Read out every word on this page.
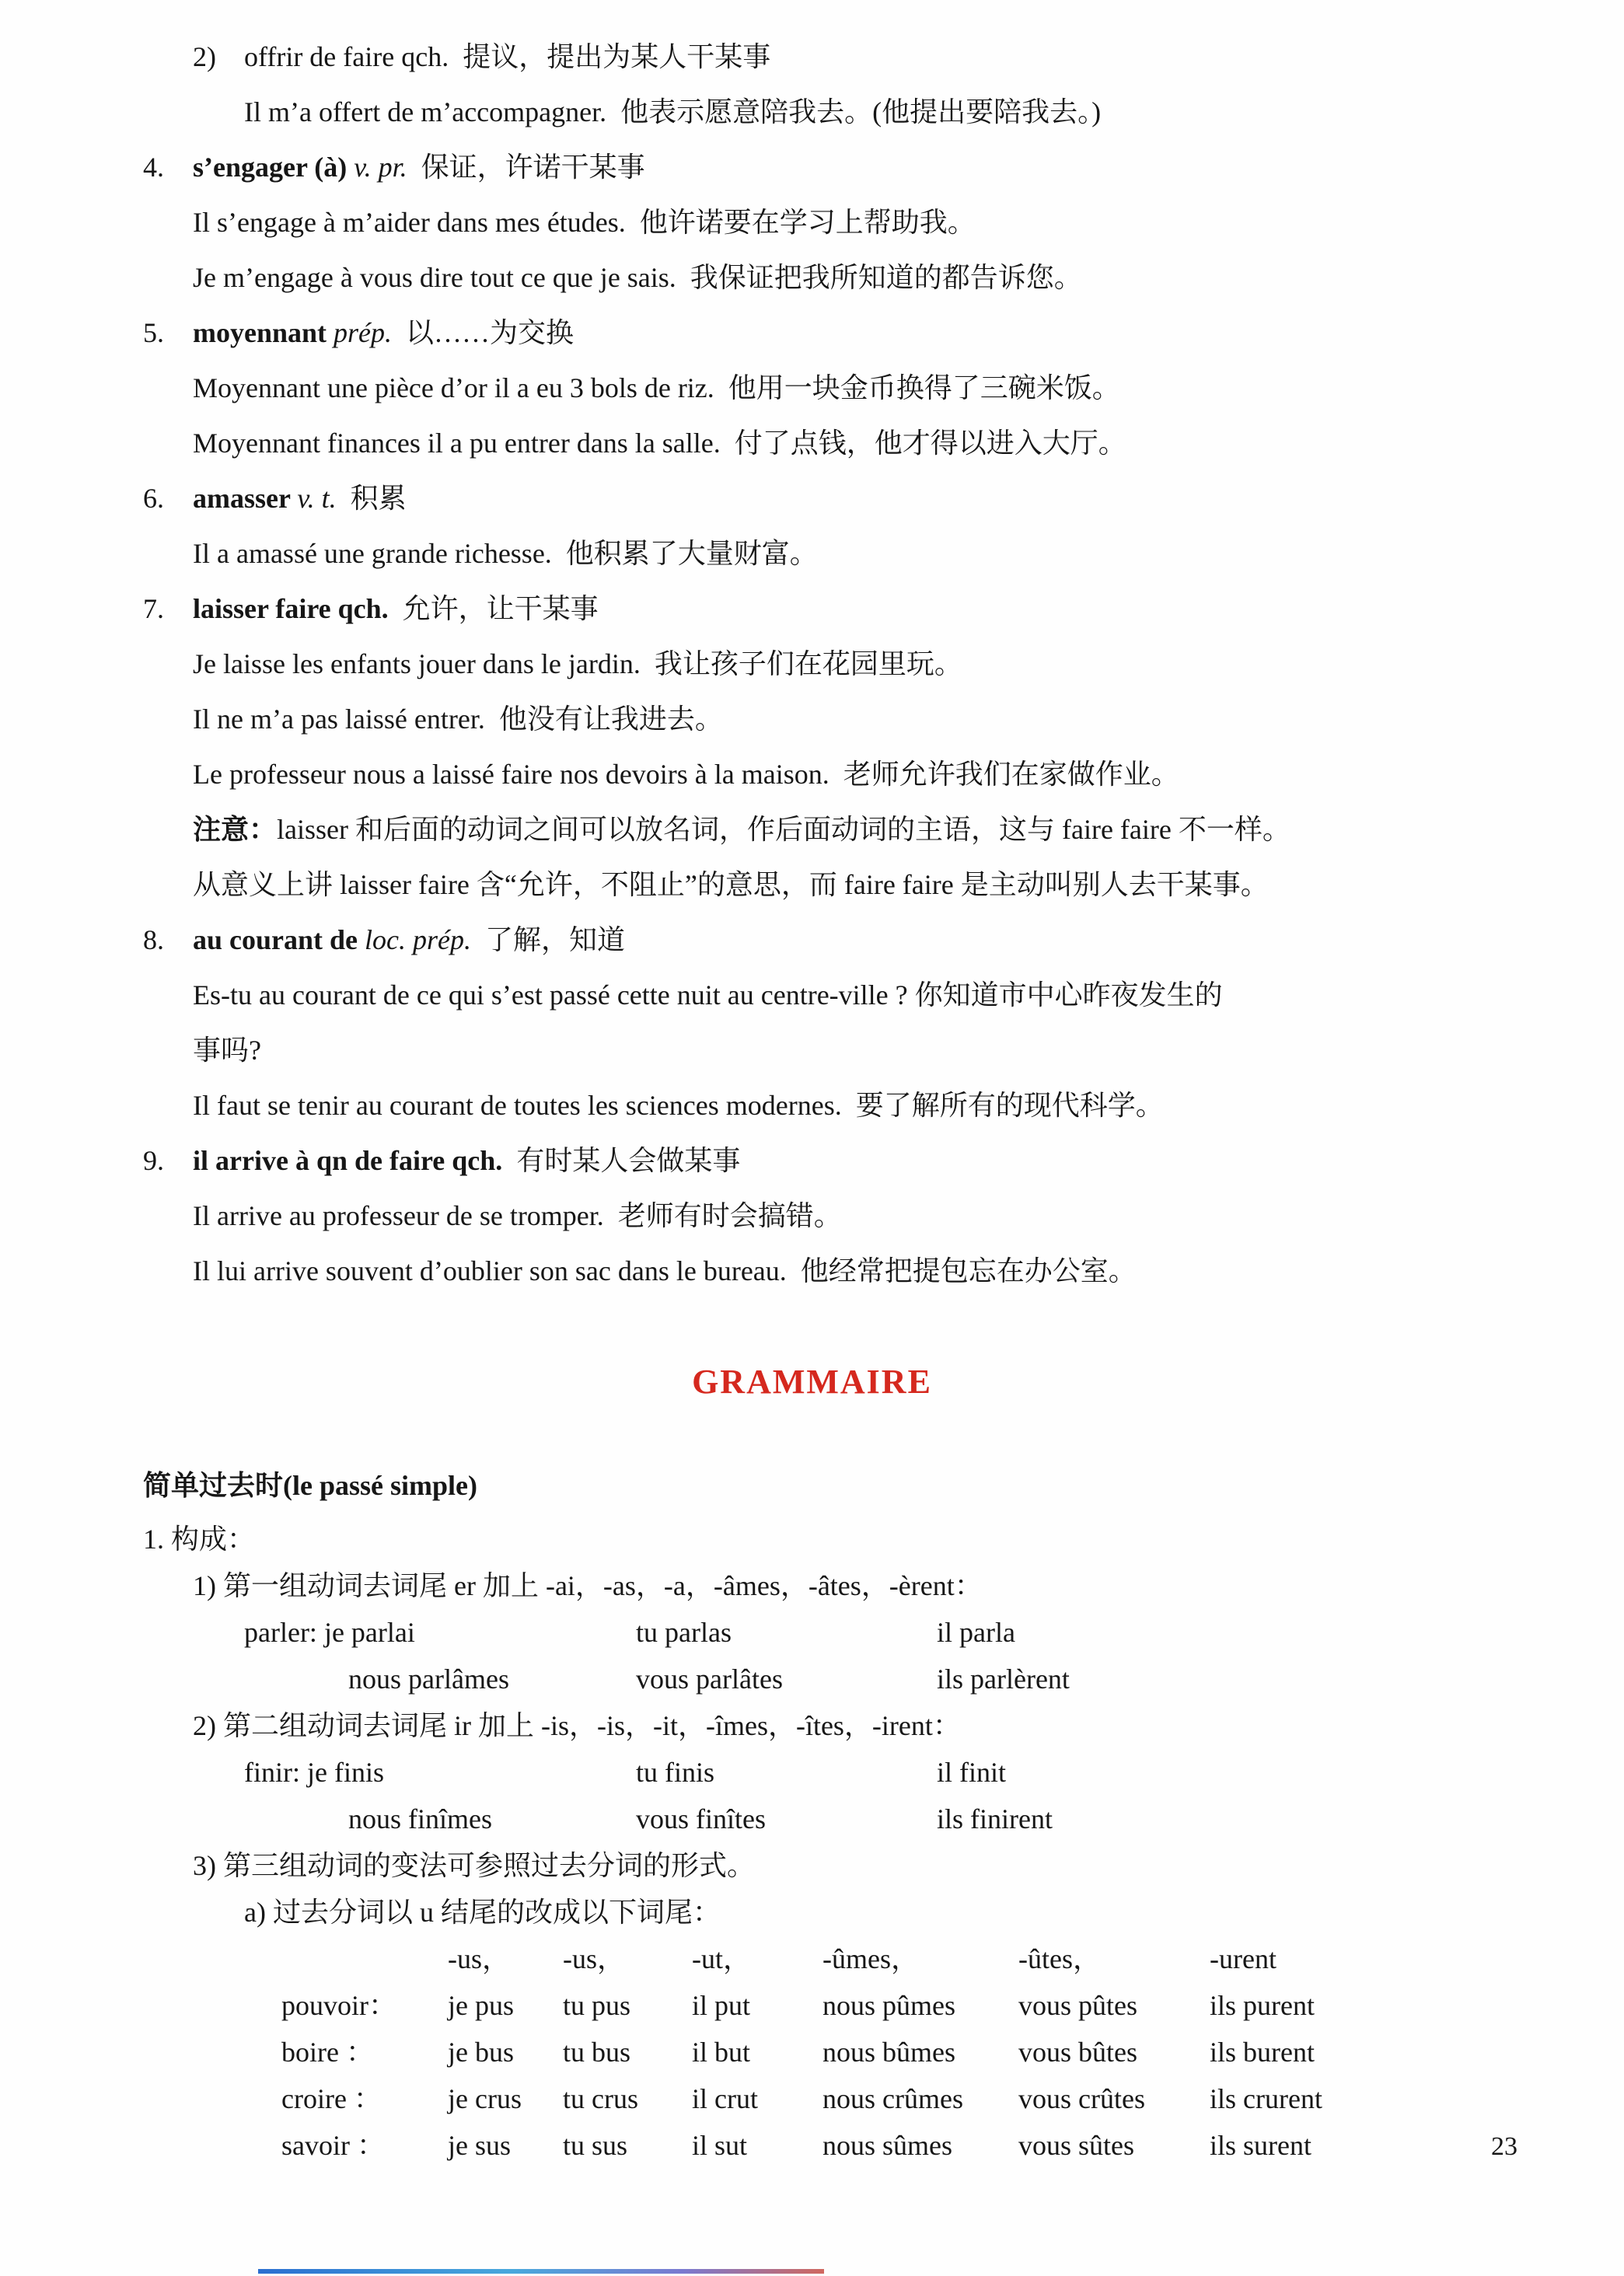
2) offrir de faire qch.  提议，提出为某人干某事
Il m’a offert de m’accompagner.  他表示愿意陪我去。(他提出要陪我去。)
4. s’engager (à) v. pr.  保证，许诺干某事
Il s’engage à m’aider dans mes études.  他许诺要在学习上帮助我。
Je m’engage à vous dire tout ce que je sais.  我保证把我所知道的都告诉您。
5. moyennant prép.  以……为交换
Moyennant une pièce d’or il a eu 3 bols de riz.  他用一块金币换得了三碗米饭。
Moyennant finances il a pu entrer dans la salle.  付了点钱，他才得以进入大厅。
6. amasser v. t.  积累
Il a amassé une grande richesse.  他积累了大量财富。
7. laisser faire qch.  允许，让干某事
Je laisse les enfants jouer dans le jardin.  我让孩子们在花园里玩。
Il ne m’a pas laissé entrer.  他没有让我进去。
Le professeur nous a laissé faire nos devoirs à la maison.  老师允许我们在家做作业。
注意：laisser 和后面的动词之间可以放名词，作后面动词的主语，这与 faire faire 不一样。
从意义上讲 laisser faire 含“允许，不阻止”的意思，而 faire faire 是主动叫别人去干某事。
8. au courant de loc. prép.  了解，知道
Es-tu au courant de ce qui s’est passé cette nuit au centre-ville ? 你知道市中心昨夜发生的
事吗?
Il faut se tenir au courant de toutes les sciences modernes.  要了解所有的现代科学。
9. il arrive à qn de faire qch.  有时某人会做某事
Il arrive au professeur de se tromper.  老师有时会搞错。
Il lui arrive souvent d’oublier son sac dans le bureau.  他经常把提包忘在办公室。
GRAMMAIRE
简单过去时(le passé simple)
1. 构成：
1) 第一组动词去词尾 er 加上 -ai，-as，-a，-âmes，-âtes，-èrent：
parler: je parlai	tu parlas	il parla
nous parlâmes	vous parlâtes	ils parlèrent
2) 第二组动词去词尾 ir 加上 -is，-is，-it，-îmes，-îtes，-irent：
finir: je finis	tu finis	il finit
nous finîmes	vous finîtes	ils finirent
3) 第三组动词的变法可参照过去分词的形式。
a) 过去分词以 u 结尾的改成以下词尾：
-us， -us， -ut，	-ûmes，	-ûtes，	-urent
pouvoir： je pus tu pus il put	nous pûmes vous pûtes	ils purent
boire ：	je bus tu bus il but	nous bûmes vous bûtes	ils burent
croire ： je crus tu crus il crut nous crûmes vous crûtes ils crurent
savoir ： je sus tu sus il sut	nous sûmes vous sûtes	ils surent	23
